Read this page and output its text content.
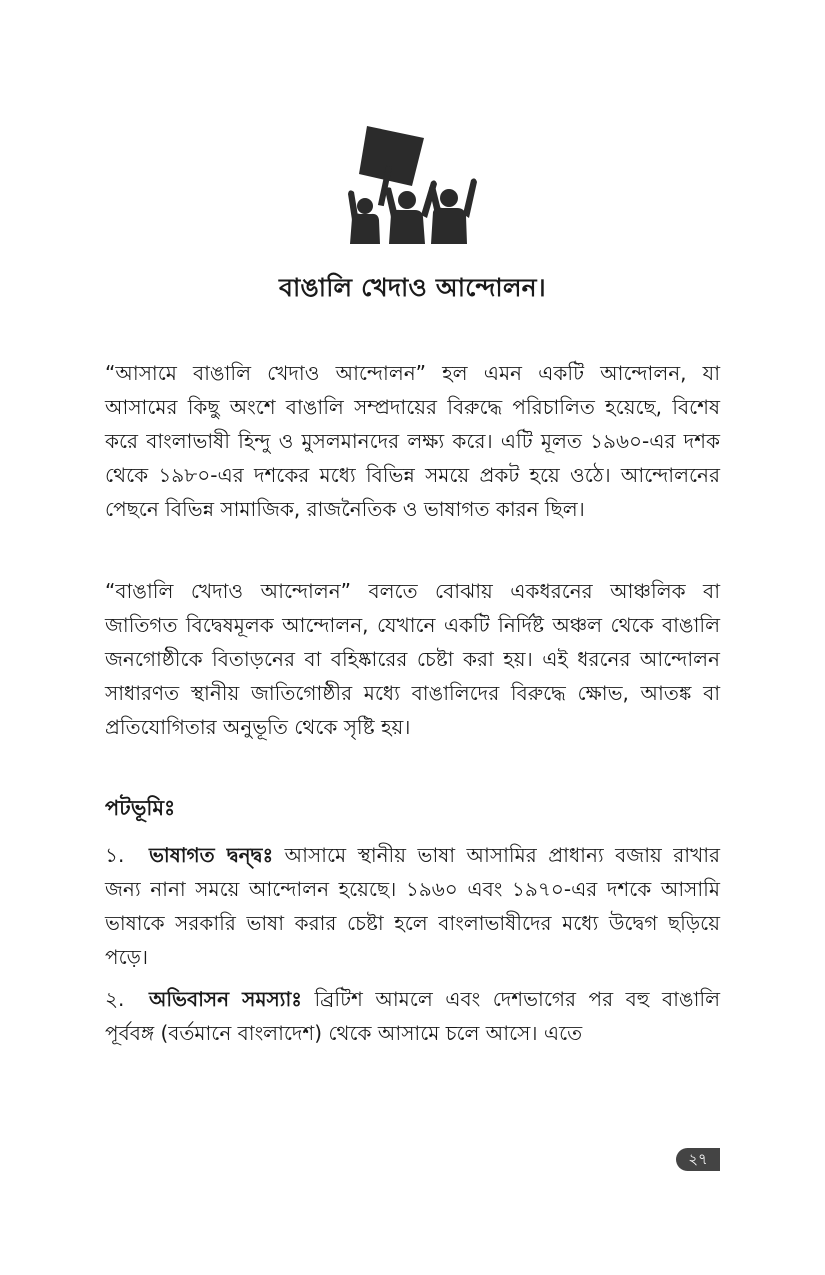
বাঙালি খেদাও আন্দোলন।

“আসামে বাঙালি খেদাও আন্দোলন” হল এমন একটি আন্দোলন, যা আসামের কিছু অংশে বাঙালি সম্প্রদায়ের বিরুদ্ধে পরিচালিত হয়েছে, বিশেষ করে বাংলাভাষী হিন্দু ও মুসলমানদের লক্ষ্য করে। এটি মূলত ১৯৬০-এর দশক থেকে ১৯৮০-এর দশকের মধ্যে বিভিন্ন সময়ে প্রকট হয়ে ওঠে। আন্দোলনের পেছনে বিভিন্ন সামাজিক, রাজনৈতিক ও ভাষাগত কারন ছিল।

“বাঙালি খেদাও আন্দোলন” বলতে বোঝায় একধরনের আঞ্চলিক বা জাতিগত বিদ্বেষমূলক আন্দোলন, যেখানে একটি নির্দিষ্ট অঞ্চল থেকে বাঙালি জনগোষ্ঠীকে বিতাড়নের বা বহিষ্কারের চেষ্টা করা হয়। এই ধরনের আন্দোলন সাধারণত স্থানীয় জাতিগোষ্ঠীর মধ্যে বাঙালিদের বিরুদ্ধে ক্ষোভ, আতঙ্ক বা প্রতিযোগিতার অনুভূতি থেকে সৃষ্টি হয়।

পটভূমিঃ

১. ভাষাগত দ্বন্দ্বঃ আসামে স্থানীয় ভাষা আসামির প্রাধান্য বজায় রাখার জন্য নানা সময়ে আন্দোলন হয়েছে। ১৯৬০ এবং ১৯৭০-এর দশকে আসামি ভাষাকে সরকারি ভাষা করার চেষ্টা হলে বাংলাভাষীদের মধ্যে উদ্বেগ ছড়িয়ে পড়ে।

২. অভিবাসন সমস্যাঃ ব্রিটিশ আমলে এবং দেশভাগের পর বহু বাঙালি পূর্ববঙ্গ (বর্তমানে বাংলাদেশ) থেকে আসামে চলে আসে। এতে

২৭
